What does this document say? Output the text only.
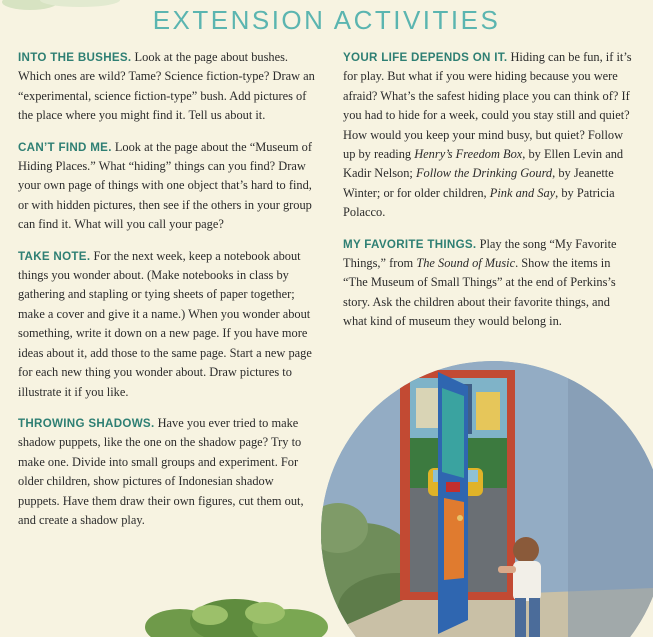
EXTENSION ACTIVITIES

INTO THE BUSHES. Look at the page about bushes. Which ones are wild? Tame? Science fiction-type? Draw an “experimental, science fiction-type” bush. Add pictures of the place where you might find it. Tell us about it.

CAN’T FIND ME. Look at the page about the “Museum of Hiding Places.” What “hiding” things can you find? Draw your own page of things with one object that’s hard to find, or with hidden pictures, then see if the others in your group can find it. What will you call your page?

TAKE NOTE. For the next week, keep a notebook about things you wonder about. (Make notebooks in class by gathering and stapling or tying sheets of paper together; make a cover and give it a name.) When you wonder about something, write it down on a new page. If you have more ideas about it, add those to the same page. Start a new page for each new thing you wonder about. Draw pictures to illustrate it if you like.

THROWING SHADOWS. Have you ever tried to make shadow puppets, like the one on the shadow page? Try to make one. Divide into small groups and experiment. For older children, show pictures of Indonesian shadow puppets. Have them draw their own figures, cut them out, and create a shadow play.

YOUR LIFE DEPENDS ON IT. Hiding can be fun, if it’s for play. But what if you were hiding because you were afraid? What’s the safest hiding place you can think of? If you had to hide for a week, could you stay still and quiet? How would you keep your mind busy, but quiet? Follow up by reading Henry’s Freedom Box, by Ellen Levin and Kadir Nelson; Follow the Drinking Gourd, by Jeanette Winter; or for older children, Pink and Say, by Patricia Polacco.

MY FAVORITE THINGS. Play the song “My Favorite Things,” from The Sound of Music. Show the items in “The Museum of Small Things” at the end of Perkins’s story. Ask the children about their favorite things, and what kind of museum they would belong in.
